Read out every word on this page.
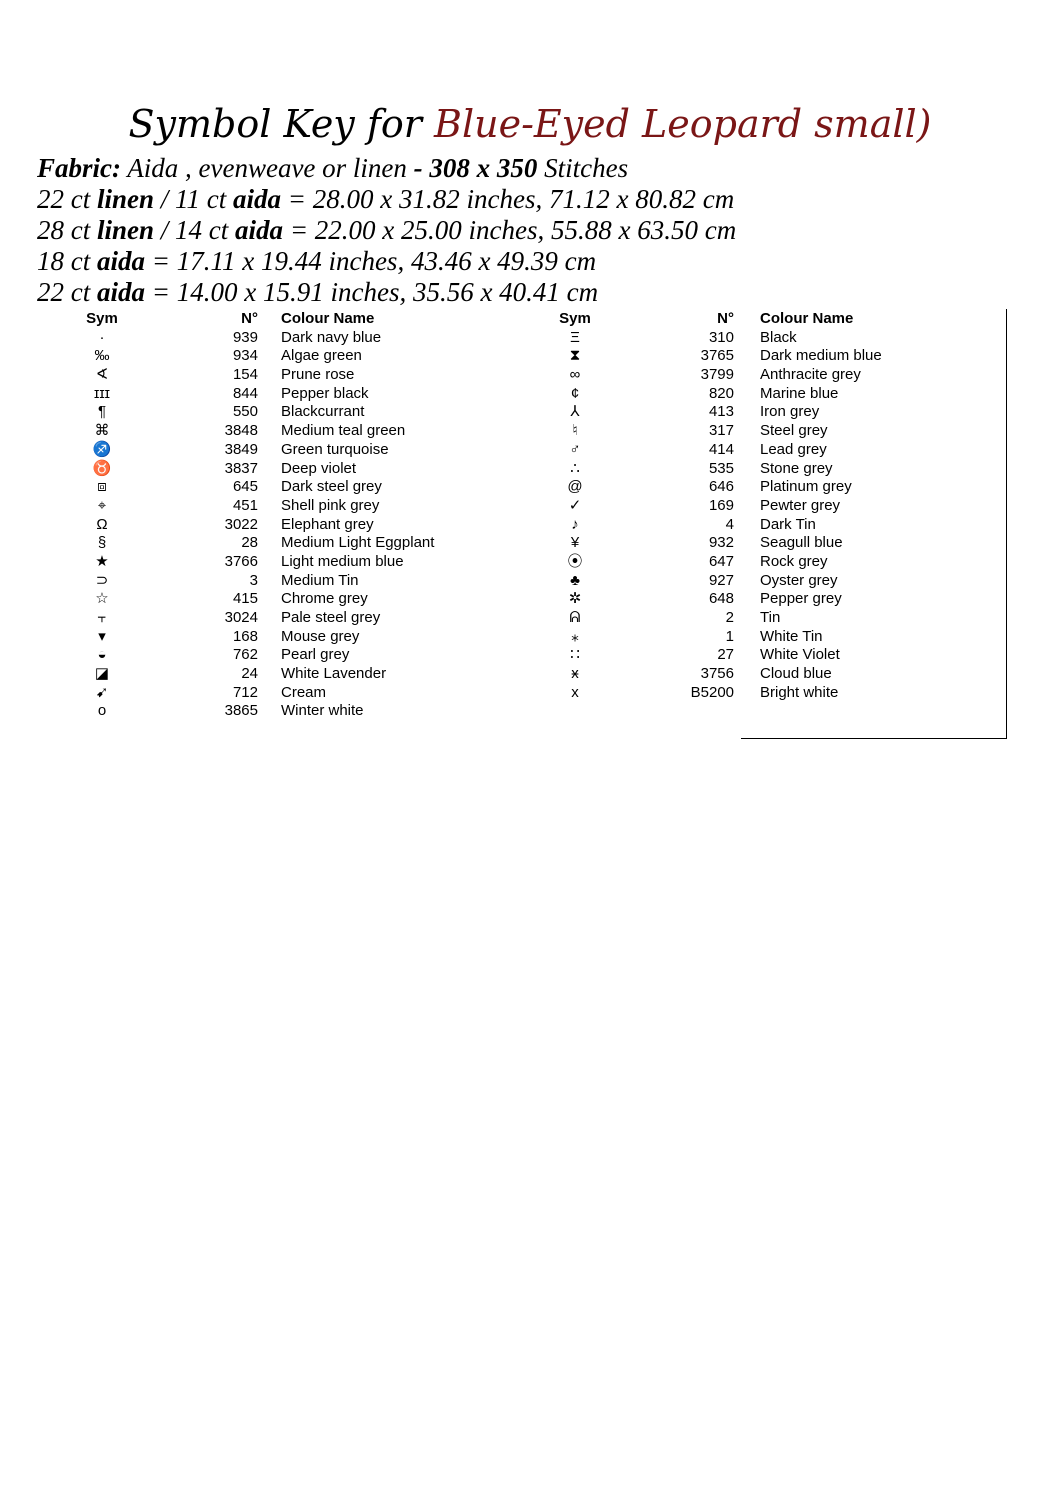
Symbol Key for Blue-Eyed Leopard small)
Fabric: Aida , evenweave or linen - 308 x 350 Stitches
22 ct linen / 11 ct aida = 28.00 x 31.82 inches, 71.12 x 80.82 cm
28 ct linen / 14 ct aida = 22.00 x 25.00 inches, 55.88 x 63.50 cm
18 ct aida = 17.11 x 19.44 inches, 43.46 x 49.39 cm
22 ct aida = 14.00 x 15.91 inches, 35.56 x 40.41 cm
Sym	N° Colour Name
·	939 Dark navy blue
‰	934 Algae green
∢	154 Prune rose
ɪɪɪ	844 Pepper black
¶	550 Blackcurrant
⌘	3848 Medium teal green
♐	3849 Green turquoise
♉	3837 Deep violet
⧈	645 Dark steel grey
⌖	451 Shell pink grey
Ω	3022 Elephant grey
§	28 Medium Light Eggplant
★	3766 Light medium blue
⊃	3 Medium Tin
☆	415 Chrome grey
⫟	3024 Pale steel grey
▾	168 Mouse grey
◒	762 Pearl grey
◪	24 White Lavender
➹	712 Cream
o	3865 Winter white
Sym	N° Colour Name
Ξ	310 Black
⧗	3765 Dark medium blue
∞	3799 Anthracite grey
¢	820 Marine blue
⅄	413 Iron grey
♮	317 Steel grey
♂	414 Lead grey
∴	535 Stone grey
@	646 Platinum grey
✓	169 Pewter grey
♪	4 Dark Tin
¥	932 Seagull blue
⦿	647 Rock grey
♣	927 Oyster grey
✲	648 Pepper grey
ᕱ	2 Tin
⁎	1 White Tin
∷	27 White Violet
ӿ	3756 Cloud blue
x	B5200 Bright white
